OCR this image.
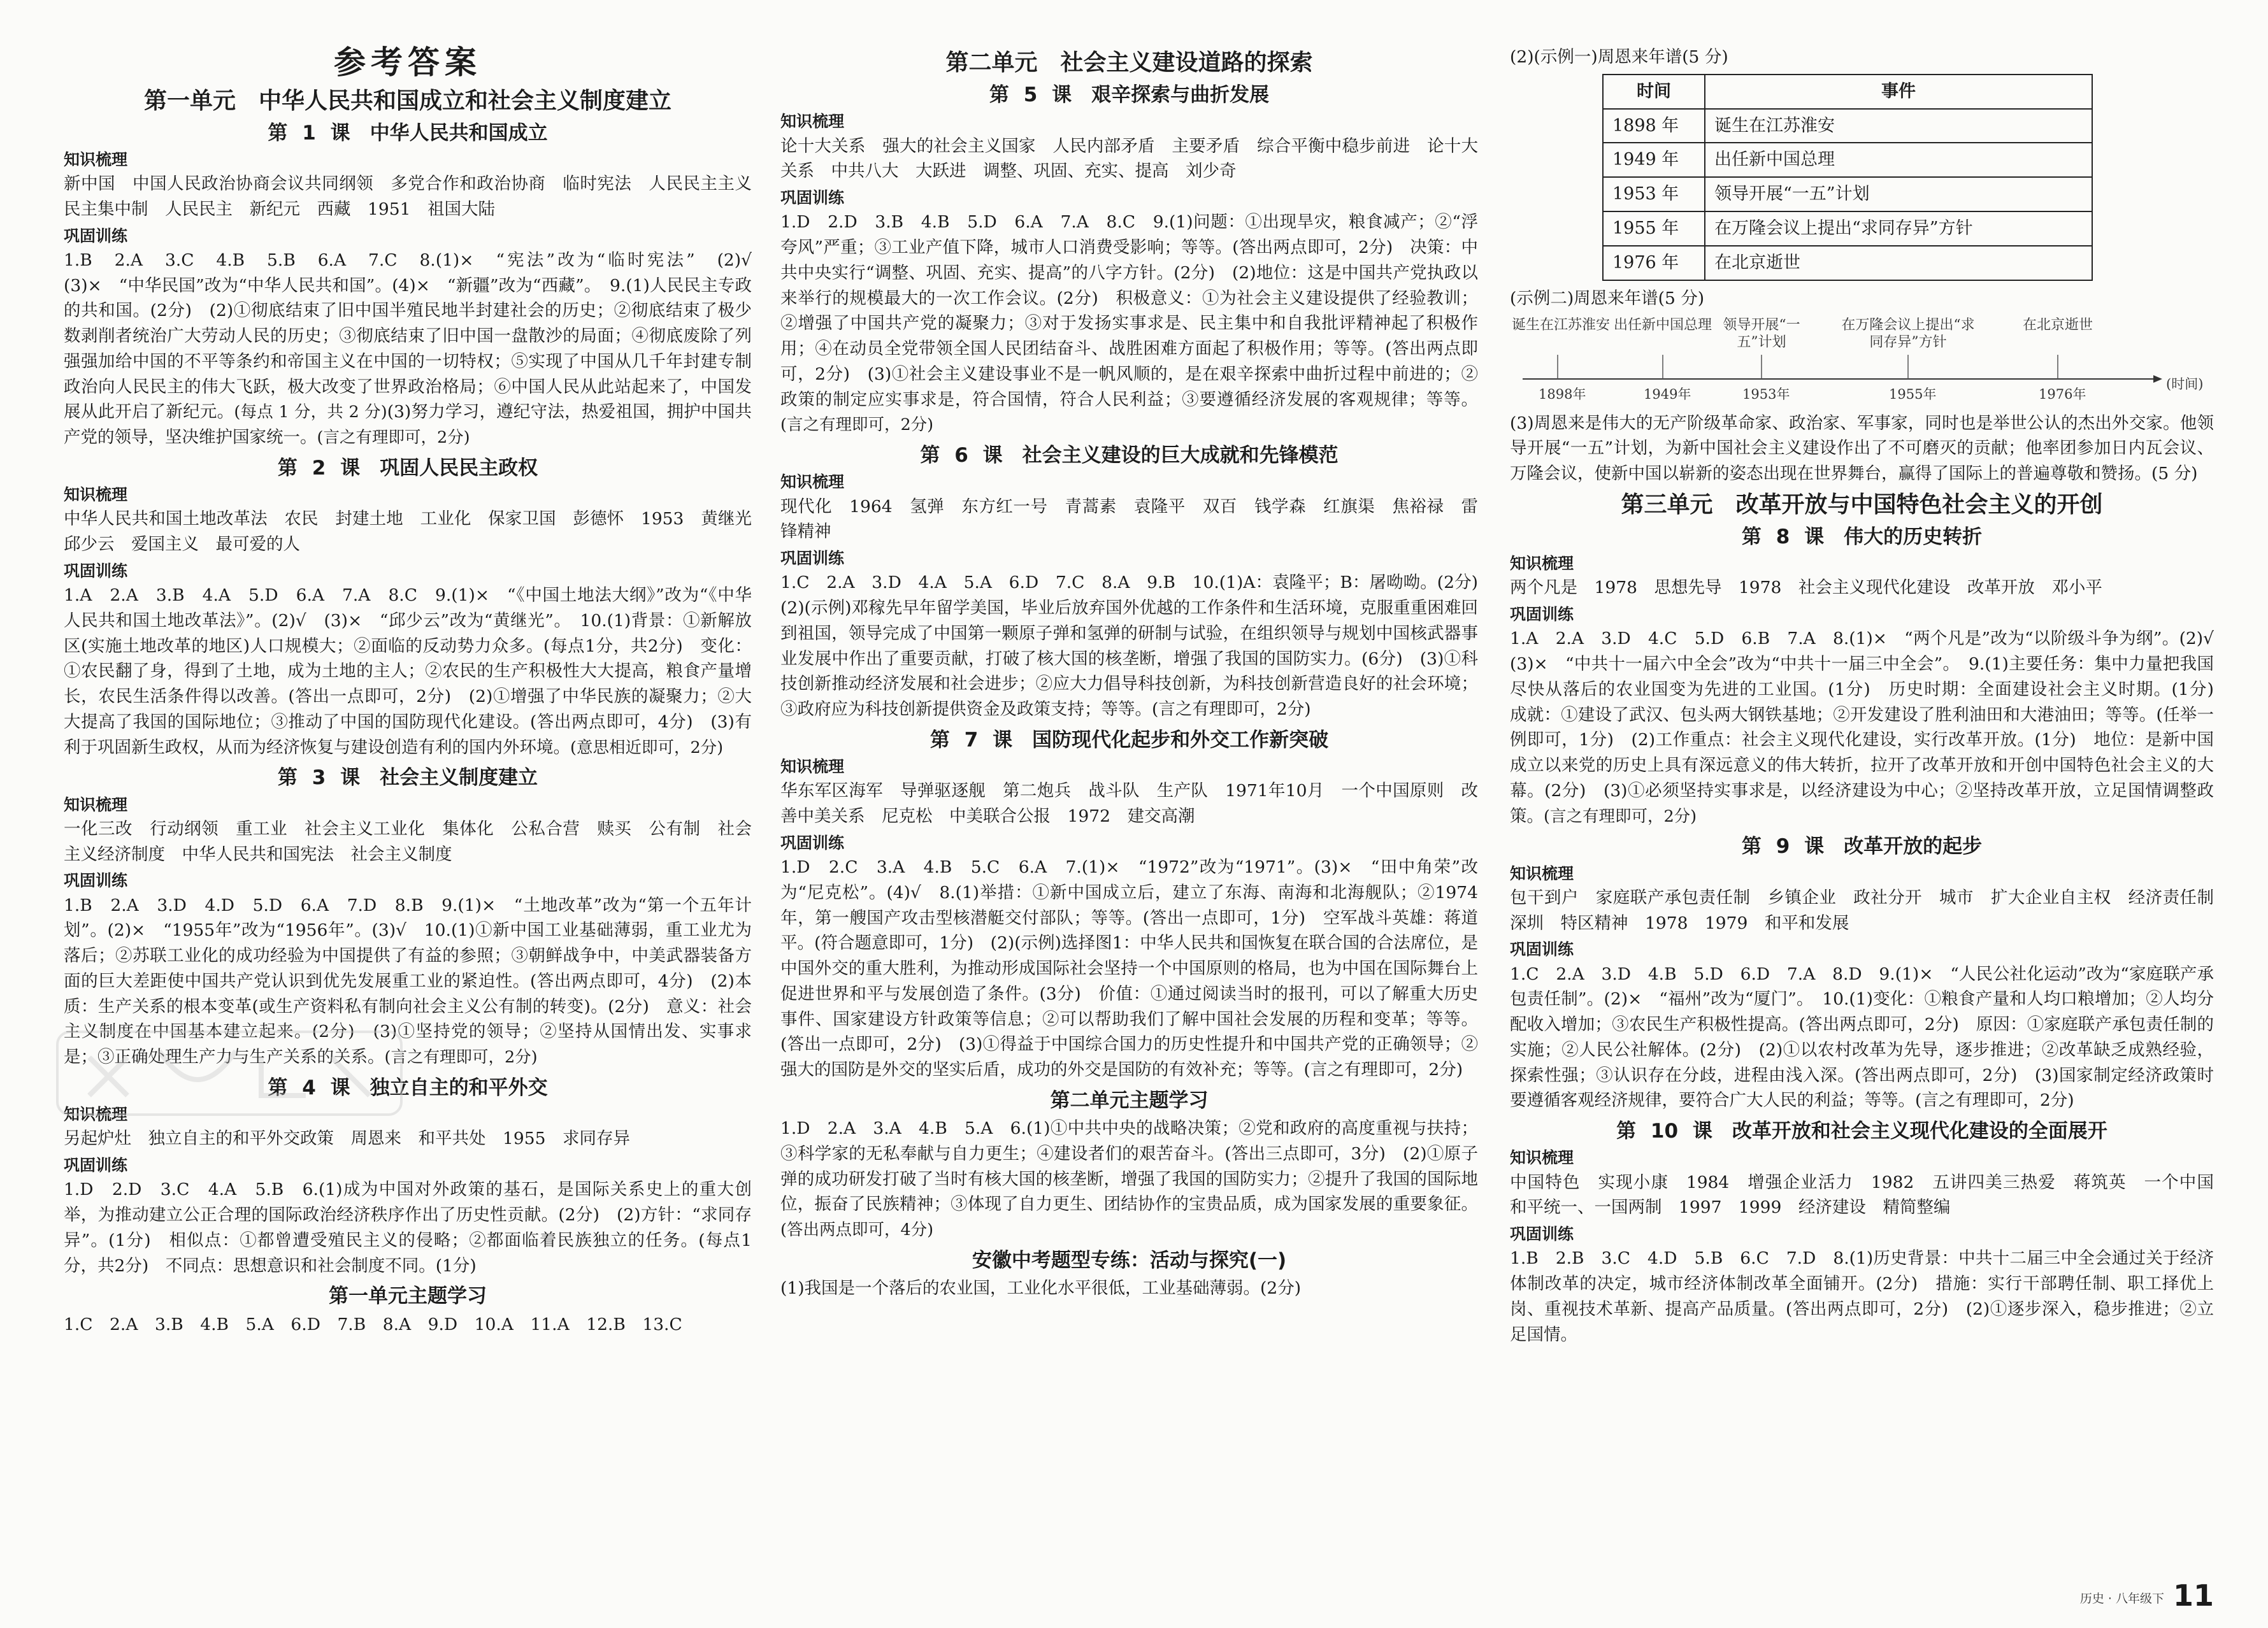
参考答案
第一单元　中华人民共和国成立和社会主义制度建立
第 1 课　中华人民共和国成立
知识梳理

新中国　中国人民政治协商会议共同纲领　多党合作和政治协商　临时宪法　人民民主主义　民主集中制　人民民主　新纪元　西藏　1951　祖国大陆

巩固训练

1.B　2.A　3.C　4.B　5.B　6.A　7.C　8.(1)×　“宪法”改为“临时宪法”　(2)√　(3)×　“中华民国”改为“中华人民共和国”。(4)×　“新疆”改为“西藏”。　9.(1)人民民主专政的共和国。(2分)　(2)①彻底结束了旧中国半殖民地半封建社会的历史；②彻底结束了极少数剥削者统治广大劳动人民的历史；③彻底结束了旧中国一盘散沙的局面；④彻底废除了列强强加给中国的不平等条约和帝国主义在中国的一切特权；⑤实现了中国从几千年封建专制政治向人民民主的伟大飞跃，极大改变了世界政治格局；⑥中国人民从此站起来了，中国发展从此开启了新纪元。(每点 1 分，共 2 分)(3)努力学习，遵纪守法，热爱祖国，拥护中国共产党的领导，坚决维护国家统一。(言之有理即可，2分)

第 2 课　巩固人民民主政权
知识梳理

中华人民共和国土地改革法　农民　封建土地　工业化　保家卫国　彭德怀　1953　黄继光　邱少云　爱国主义　最可爱的人

巩固训练

1.A　2.A　3.B　4.A　5.D　6.A　7.A　8.C　9.(1)×　“《中国土地法大纲》”改为“《中华人民共和国土地改革法》”。(2)√　(3)×　“邱少云”改为“黄继光”。　10.(1)背景：①新解放区(实施土地改革的地区)人口规模大；②面临的反动势力众多。(每点1分，共2分)　变化：①农民翻了身，得到了土地，成为土地的主人；②农民的生产积极性大大提高，粮食产量增长，农民生活条件得以改善。(答出一点即可，2分)　(2)①增强了中华民族的凝聚力；②大大提高了我国的国际地位；③推动了中国的国防现代化建设。(答出两点即可，4分)　(3)有利于巩固新生政权，从而为经济恢复与建设创造有利的国内外环境。(意思相近即可，2分)

第 3 课　社会主义制度建立
知识梳理

一化三改　行动纲领　重工业　社会主义工业化　集体化　公私合营　赎买　公有制　社会主义经济制度　中华人民共和国宪法　社会主义制度

巩固训练

1.B　2.A　3.D　4.D　5.D　6.A　7.D　8.B　9.(1)×　“土地改革”改为“第一个五年计划”。(2)×　“1955年”改为“1956年”。(3)√　10.(1)①新中国工业基础薄弱，重工业尤为落后；②苏联工业化的成功经验为中国提供了有益的参照；③朝鲜战争中，中美武器装备方面的巨大差距使中国共产党认识到优先发展重工业的紧迫性。(答出两点即可，4分)　(2)本质：生产关系的根本变革(或生产资料私有制向社会主义公有制的转变)。(2分)　意义：社会主义制度在中国基本建立起来。(2分)　(3)①坚持党的领导；②坚持从国情出发、实事求是；③正确处理生产力与生产关系的关系。(言之有理即可，2分)

第 4 课　独立自主的和平外交
知识梳理

另起炉灶　独立自主的和平外交政策　周恩来　和平共处　1955　求同存异

巩固训练

1.D　2.D　3.C　4.A　5.B　6.(1)成为中国对外政策的基石，是国际关系史上的重大创举，为推动建立公正合理的国际政治经济秩序作出了历史性贡献。(2分)　(2)方针：“求同存异”。(1分)　相似点：①都曾遭受殖民主义的侵略；②都面临着民族独立的任务。(每点1分，共2分)　不同点：思想意识和社会制度不同。(1分)

第一单元主题学习

1.C　2.A　3.B　4.B　5.A　6.D　7.B　8.A　9.D　10.A　11.A　12.B　13.C

第二单元　社会主义建设道路的探索
第 5 课　艰辛探索与曲折发展
知识梳理

论十大关系　强大的社会主义国家　人民内部矛盾　主要矛盾　综合平衡中稳步前进　论十大关系　中共八大　大跃进　调整、巩固、充实、提高　刘少奇

巩固训练

1.D　2.D　3.B　4.B　5.D　6.A　7.A　8.C　9.(1)问题：①出现旱灾，粮食减产；②“浮夸风”严重；③工业产值下降，城市人口消费受影响；等等。(答出两点即可，2分)　决策：中共中央实行“调整、巩固、充实、提高”的八字方针。(2分)　(2)地位：这是中国共产党执政以来举行的规模最大的一次工作会议。(2分)　积极意义：①为社会主义建设提供了经验教训；②增强了中国共产党的凝聚力；③对于发扬实事求是、民主集中和自我批评精神起了积极作用；④在动员全党带领全国人民团结奋斗、战胜困难方面起了积极作用；等等。(答出两点即可，2分)　(3)①社会主义建设事业不是一帆风顺的，是在艰辛探索中曲折过程中前进的；②政策的制定应实事求是，符合国情，符合人民利益；③要遵循经济发展的客观规律；等等。(言之有理即可，2分)

第 6 课　社会主义建设的巨大成就和先锋模范
知识梳理

现代化　1964　氢弹　东方红一号　青蒿素　袁隆平　双百　钱学森　红旗渠　焦裕禄　雷锋精神

巩固训练

1.C　2.A　3.D　4.A　5.A　6.D　7.C　8.A　9.B　10.(1)A：袁隆平；B：屠呦呦。(2分)　(2)(示例)邓稼先早年留学美国，毕业后放弃国外优越的工作条件和生活环境，克服重重困难回到祖国，领导完成了中国第一颗原子弹和氢弹的研制与试验，在组织领导与规划中国核武器事业发展中作出了重要贡献，打破了核大国的核垄断，增强了我国的国防实力。(6分)　(3)①科技创新推动经济发展和社会进步；②应大力倡导科技创新，为科技创新营造良好的社会环境；③政府应为科技创新提供资金及政策支持；等等。(言之有理即可，2分)

第 7 课　国防现代化起步和外交工作新突破
知识梳理

华东军区海军　导弹驱逐舰　第二炮兵　战斗队　生产队　1971年10月　一个中国原则　改善中美关系　尼克松　中美联合公报　1972　建交高潮

巩固训练

1.D　2.C　3.A　4.B　5.C　6.A　7.(1)×　“1972”改为“1971”。(3)×　“田中角荣”改为“尼克松”。(4)√　8.(1)举措：①新中国成立后，建立了东海、南海和北海舰队；②1974年，第一艘国产攻击型核潜艇交付部队；等等。(答出一点即可，1分)　空军战斗英雄：蒋道平。(符合题意即可，1分)　(2)(示例)选择图1：中华人民共和国恢复在联合国的合法席位，是中国外交的重大胜利，为推动形成国际社会坚持一个中国原则的格局，也为中国在国际舞台上促进世界和平与发展创造了条件。(3分)　价值：①通过阅读当时的报刊，可以了解重大历史事件、国家建设方针政策等信息；②可以帮助我们了解中国社会发展的历程和变革；等等。(答出一点即可，2分)　(3)①得益于中国综合国力的历史性提升和中国共产党的正确领导；②强大的国防是外交的坚实后盾，成功的外交是国防的有效补充；等等。(言之有理即可，2分)

第二单元主题学习

1.D　2.A　3.A　4.B　5.A　6.(1)①中共中央的战略决策；②党和政府的高度重视与扶持；③科学家的无私奉献与自力更生；④建设者们的艰苦奋斗。(答出三点即可，3分)　(2)①原子弹的成功研发打破了当时有核大国的核垄断，增强了我国的国防实力；②提升了我国的国际地位，振奋了民族精神；③体现了自力更生、团结协作的宝贵品质，成为国家发展的重要象征。(答出两点即可，4分)

安徽中考题型专练：活动与探究(一)

(1)我国是一个落后的农业国，工业化水平很低，工业基础薄弱。(2分)

(2)(示例一)周恩来年谱(5 分)

时间	事件
1898 年	诞生在江苏淮安
1949 年	出任新中国总理
1953 年	领导开展“一五”计划
1955 年	在万隆会议上提出“求同存异”方针
1976 年	在北京逝世

(示例二)周恩来年谱(5 分)

诞生在江苏淮安 出任新中国总理 领导开展“一五”计划
在万隆会议上提出“求同存异”方针
在北京逝世
1898年	1949年	1953年	1955年	1976年
(时间)

(3)周恩来是伟大的无产阶级革命家、政治家、军事家，同时也是举世公认的杰出外交家。他领导开展“一五”计划，为新中国社会主义建设作出了不可磨灭的贡献；他率团参加日内瓦会议、万隆会议，使新中国以崭新的姿态出现在世界舞台，赢得了国际上的普遍尊敬和赞扬。(5 分)

第三单元　改革开放与中国特色社会主义的开创
第 8 课　伟大的历史转折
知识梳理

两个凡是　1978　思想先导　1978　社会主义现代化建设　改革开放　邓小平

巩固训练

1.A　2.A　3.D　4.C　5.D　6.B　7.A　8.(1)×　“两个凡是”改为“以阶级斗争为纲”。(2)√　(3)×　“中共十一届六中全会”改为“中共十一届三中全会”。　9.(1)主要任务：集中力量把我国尽快从落后的农业国变为先进的工业国。(1分)　历史时期：全面建设社会主义时期。(1分)　成就：①建设了武汉、包头两大钢铁基地；②开发建设了胜利油田和大港油田；等等。(任举一例即可，1分)　(2)工作重点：社会主义现代化建设，实行改革开放。(1分)　地位：是新中国成立以来党的历史上具有深远意义的伟大转折，拉开了改革开放和开创中国特色社会主义的大幕。(2分)　(3)①必须坚持实事求是，以经济建设为中心；②坚持改革开放，立足国情调整政策。(言之有理即可，2分)

第 9 课　改革开放的起步
知识梳理

包干到户　家庭联产承包责任制　乡镇企业　政社分开　城市　扩大企业自主权　经济责任制　深圳　特区精神　1978　1979　和平和发展

巩固训练

1.C　2.A　3.D　4.B　5.D　6.D　7.A　8.D　9.(1)×　“人民公社化运动”改为“家庭联产承包责任制”。(2)×　“福州”改为“厦门”。　10.(1)变化：①粮食产量和人均口粮增加；②人均分配收入增加；③农民生产积极性提高。(答出两点即可，2分)　原因：①家庭联产承包责任制的实施；②人民公社解体。(2分)　(2)①以农村改革为先导，逐步推进；②改革缺乏成熟经验，探索性强；③认识存在分歧，进程由浅入深。(答出两点即可，2分)　(3)国家制定经济政策时要遵循客观经济规律，要符合广大人民的利益；等等。(言之有理即可，2分)

第 10 课　改革开放和社会主义现代化建设的全面展开
知识梳理

中国特色　实现小康　1984　增强企业活力　1982　五讲四美三热爱　蒋筑英　一个中国　和平统一、一国两制　1997　1999　经济建设　精简整编

巩固训练

1.B　2.B　3.C　4.D　5.B　6.C　7.D　8.(1)历史背景：中共十二届三中全会通过关于经济体制改革的决定，城市经济体制改革全面铺开。(2分)　措施：实行干部聘任制、职工择优上岗、重视技术革新、提高产品质量。(答出两点即可，2分)　(2)①逐步深入，稳步推进；②立足国情。

历史 · 八年级下 11
